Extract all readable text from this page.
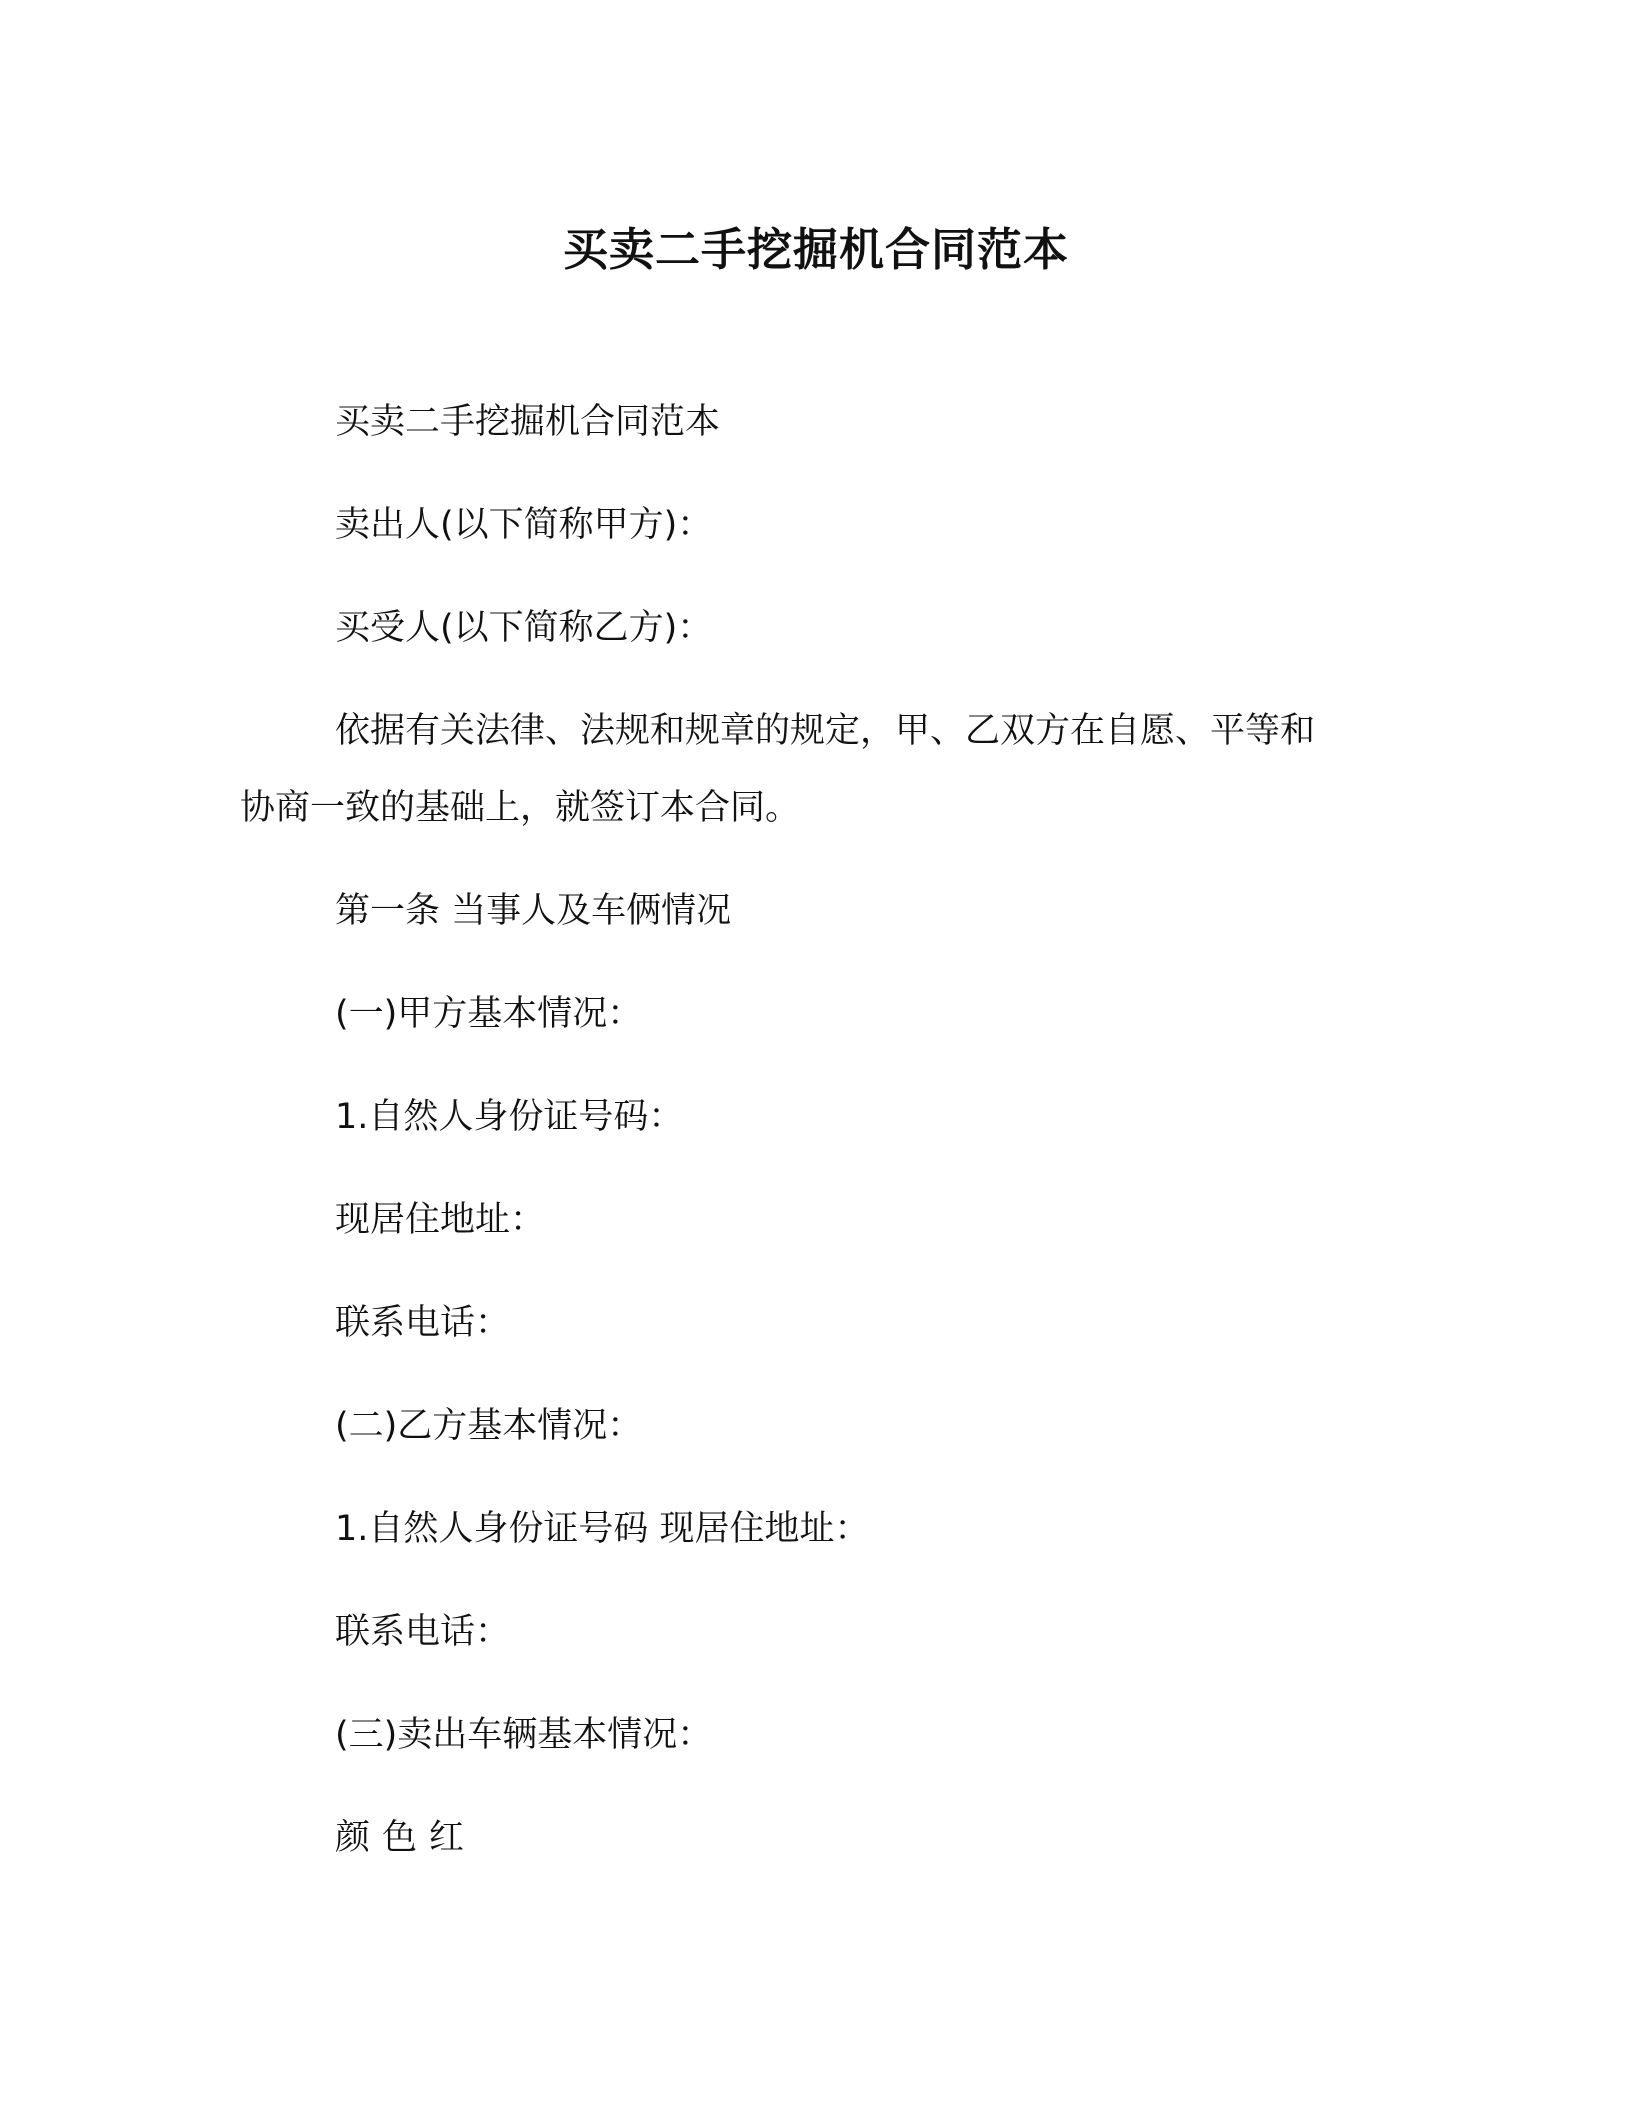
买卖二手挖掘机合同范本
买卖二手挖掘机合同范本
卖出人(以下简称甲方)：
买受人(以下简称乙方)：
依据有关法律、法规和规章的规定，甲、乙双方在自愿、平等和
协商一致的基础上，就签订本合同。
第一条 当事人及车俩情况
(一)甲方基本情况：
1.自然人身份证号码：
现居住地址：
联系电话：
(二)乙方基本情况：
1.自然人身份证号码 现居住地址：
联系电话：
(三)卖出车辆基本情况：
颜色红
